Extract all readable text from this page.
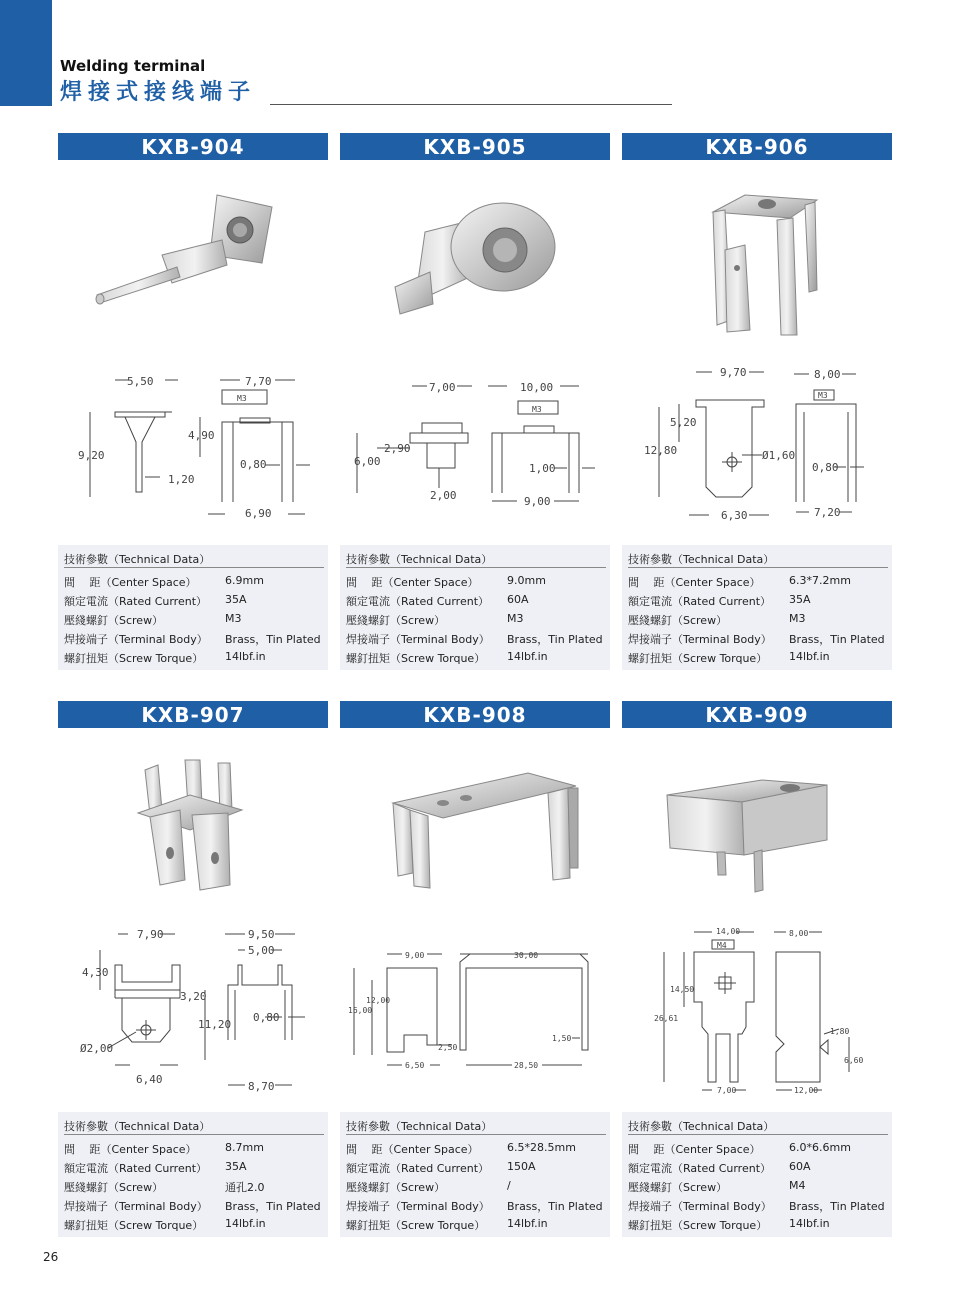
Welding terminal
焊接式接线端子
KXB-904	KXB-905	KXB-906
KXB-907	KXB-908	KXB-909
5,50	7,70
M3
4,90
9,20
0,80
1,20
6,90
7,00	10,00
M3
2,90
6,00
1,00
2,00	9,00
9,70	8,00
M3
5,20
12,80	Ø1,60
0,80
6,30	7,20
技術參數（Technical Data）
間　 距（Center Space）	6.9mm
額定電流（Rated Current）	35A
壓綫螺釘（Screw）	M3
焊接端子（Terminal Body）	Brass，Tin Plated
螺釘扭矩（Screw Torque）	14lbf.in
技術參數（Technical Data）
間　 距（Center Space）	9.0mm
額定電流（Rated Current）	60A
壓綫螺釘（Screw）	M3
焊接端子（Terminal Body）	Brass，Tin Plated
螺釘扭矩（Screw Torque）	14lbf.in
技術參數（Technical Data）
間　 距（Center Space）	6.3*7.2mm
額定電流（Rated Current）	35A
壓綫螺釘（Screw）	M3
焊接端子（Terminal Body）	Brass，Tin Plated
螺釘扭矩（Screw Torque）	14lbf.in
7,90	9,50
5,00
4,30
3,20
11,20
0,80
Ø2,00
6,40
8,70
9,00	30,00
12,00
16,00
2,50
1,50
6,50	28,50
14,00	8,00
M4
14,50
26,61
1,80
6,60
7,00	12,00
技術參數（Technical Data）
間　 距（Center Space）	8.7mm
額定電流（Rated Current）	35A
壓綫螺釘（Screw）	通孔2.0
焊接端子（Terminal Body）	Brass，Tin Plated
螺釘扭矩（Screw Torque）	14lbf.in
技術參數（Technical Data）
間　 距（Center Space）	6.5*28.5mm
額定電流（Rated Current）	150A
壓綫螺釘（Screw）	/
焊接端子（Terminal Body）	Brass，Tin Plated
螺釘扭矩（Screw Torque）	14lbf.in
技術參數（Technical Data）
間　 距（Center Space）	6.0*6.6mm
額定電流（Rated Current）	60A
壓綫螺釘（Screw）	M4
焊接端子（Terminal Body）	Brass，Tin Plated
螺釘扭矩（Screw Torque）	14lbf.in
26
